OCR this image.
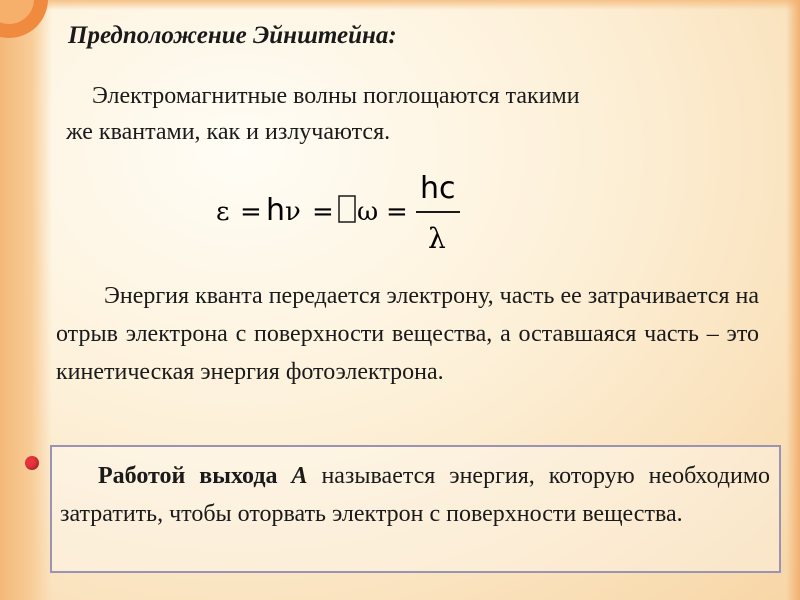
Предположение Эйнштейна:
Электромагнитные волны поглощаются такими
же квантами, как и излучаются.
ε = h ν = ω =
hc
λ
Энергия кванта передается электрону, часть ее затрачивается на отрыв электрона с поверхности вещества, а оставшаяся часть – это кинетическая энергия фотоэлектрона.
Работой выхода А называется энергия, которую необходимо затратить, чтобы оторвать электрон с поверхности вещества.
